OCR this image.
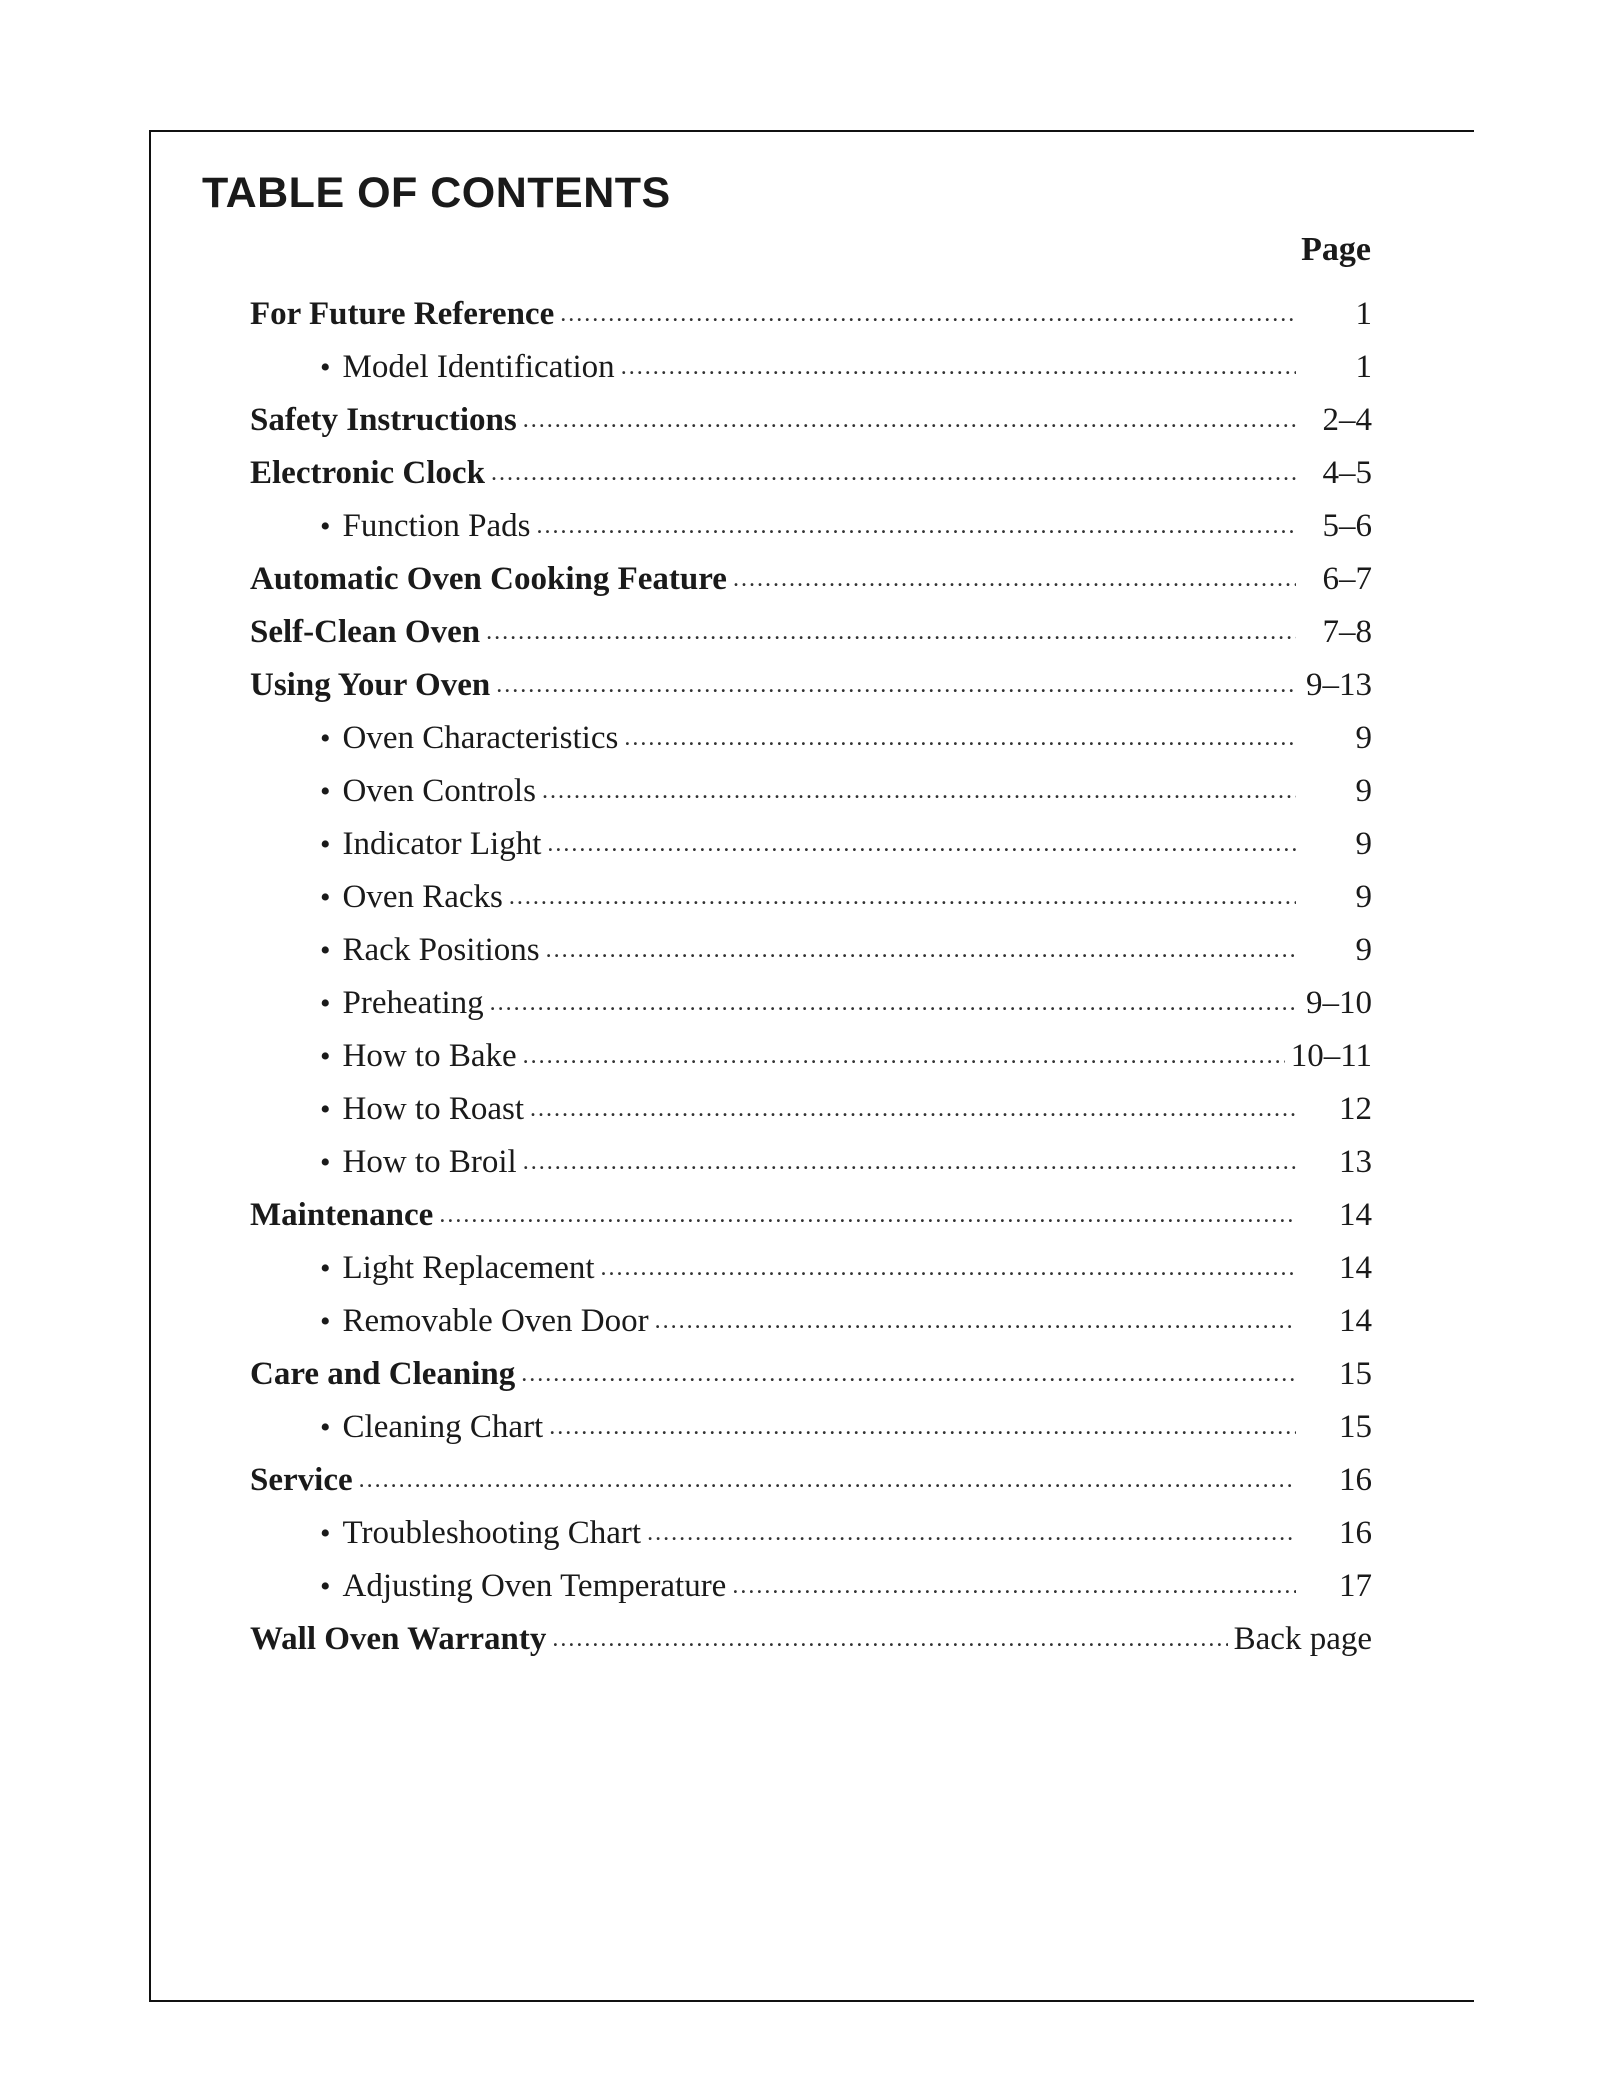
TABLE OF CONTENTS
Page
For Future Reference .....	1
• Model Identification .....	1
Safety Instructions .....	2–4
Electronic Clock .....	4–5
• Function Pads .....	5–6
Automatic Oven Cooking Feature .....	6–7
Self-Clean Oven .....	7–8
Using Your Oven .....	9–13
• Oven Characteristics .....	9
• Oven Controls .....	9
• Indicator Light .....	9
• Oven Racks .....	9
• Rack Positions .....	9
• Preheating .....	9–10
• How to Bake .....	10–11
• How to Roast .....	12
• How to Broil .....	13
Maintenance .....	14
• Light Replacement .....	14
• Removable Oven Door .....	14
Care and Cleaning .....	15
• Cleaning Chart .....	15
Service .....	16
• Troubleshooting Chart .....	16
• Adjusting Oven Temperature .....	17
Wall Oven Warranty .....	Back page
